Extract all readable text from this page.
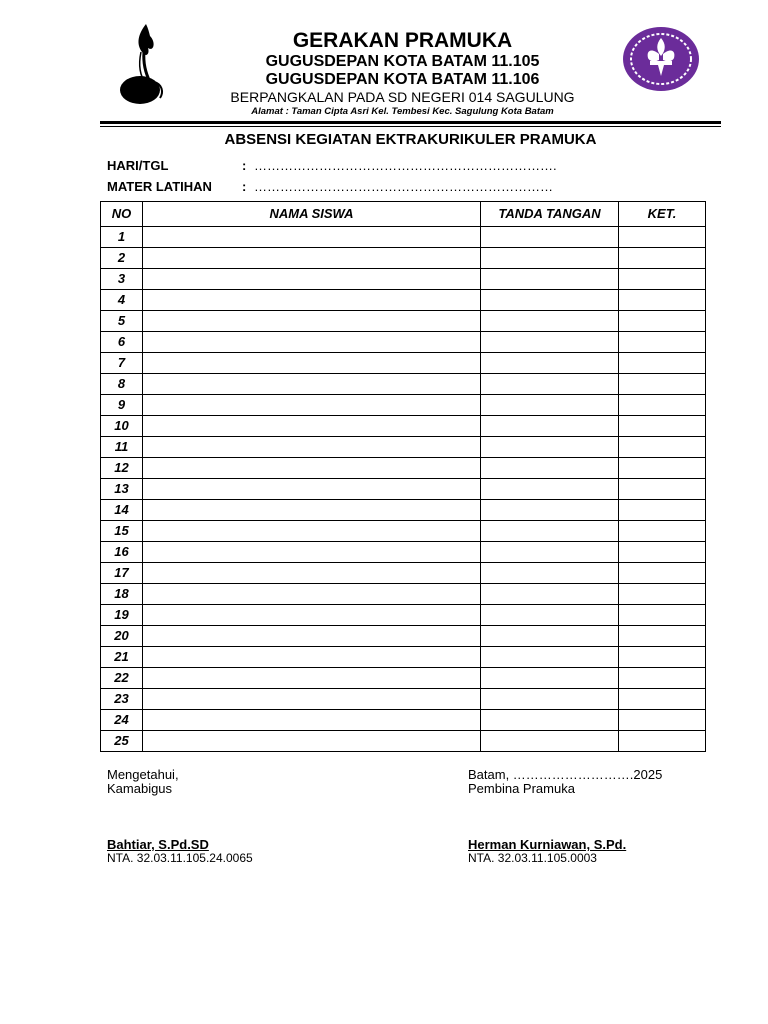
GERAKAN PRAMUKA
GUGUSDEPAN KOTA BATAM 11.105
GUGUSDEPAN KOTA BATAM 11.106
BERPANGKALAN PADA SD NEGERI 014 SAGULUNG
Alamat : Taman Cipta Asri Kel. Tembesi Kec. Sagulung Kota Batam
ABSENSI KEGIATAN EKTRAKURIKULER PRAMUKA
HARI/TGL	: …………………………………………………………….
MATER LATIHAN : ……………………………………………………………
NO	NAMA SISWA	TANDA TANGAN	KET.
1			
2			
3			
4			
5			
6			
7			
8			
9			
10			
11			
12			
13			
14			
15			
16			
17			
18			
19			
20			
21			
22			
23			
24			
25			
Mengetahui,
Kamabigus
Bahtiar, S.Pd.SD
NTA. 32.03.11.105.24.0065
Batam, ……………………….2025
Pembina Pramuka
Herman Kurniawan, S.Pd.
NTA. 32.03.11.105.0003
